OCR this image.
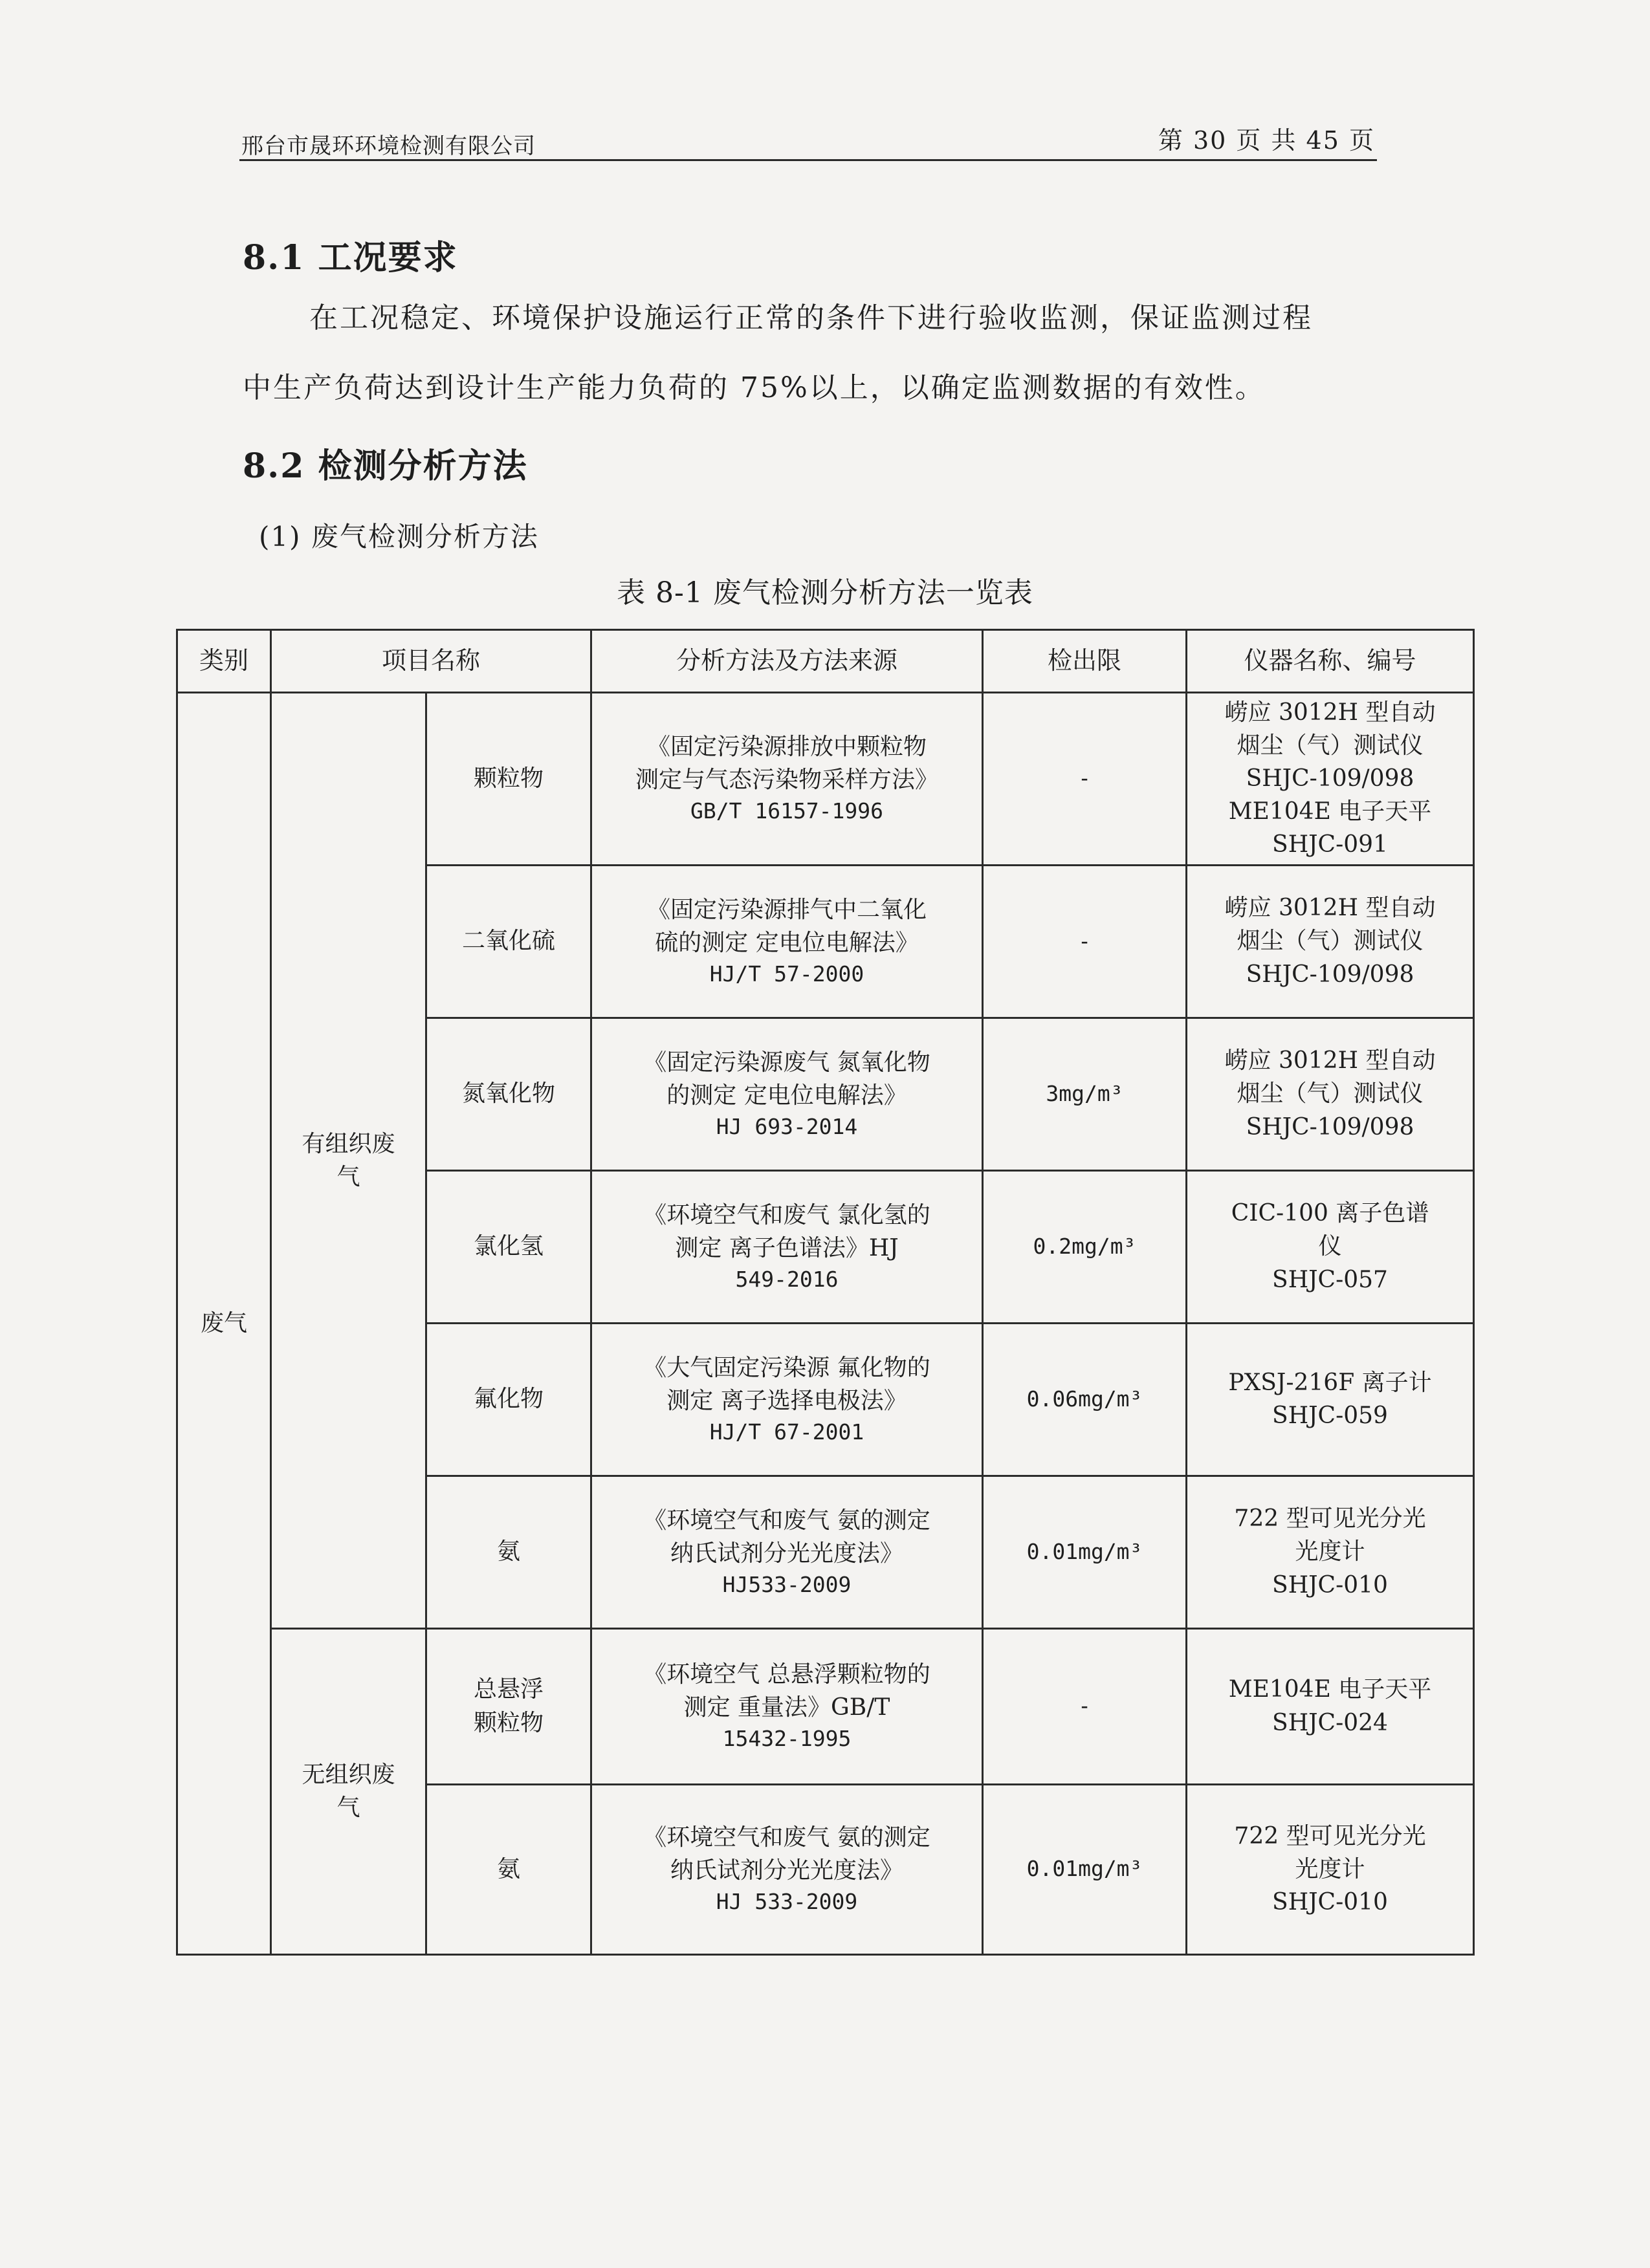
邢台市晟环环境检测有限公司	第 30 页 共 45 页
8.1 工况要求
在工况稳定、环境保护设施运行正常的条件下进行验收监测，保证监测过程
中生产负荷达到设计生产能力负荷的 75%以上，以确定监测数据的有效性。
8.2 检测分析方法
(1) 废气检测分析方法
表 8-1 废气检测分析方法一览表
类别	项目名称		分析方法及方法来源	检出限	仪器名称、编号
废气	有组织废气	颗粒物	《固定污染源排放中颗粒物
测定与气态污染物采样方法》
GB/T 16157-1996	-	崂应 3012H 型自动
烟尘（气）测试仪
SHJC-109/098
ME104E 电子天平
SHJC-091

		二氧化硫	《固定污染源排气中二氧化
硫的测定 定电位电解法》
HJ/T 57-2000	-	崂应 3012H 型自动
烟尘（气）测试仪
SHJC-109/098

		氮氧化物	《固定污染源废气 氮氧化物
的测定 定电位电解法》
HJ 693-2014	3mg/m³	崂应 3012H 型自动
烟尘（气）测试仪
SHJC-109/098

		氯化氢	《环境空气和废气 氯化氢的
测定 离子色谱法》HJ
549-2016	0.2mg/m³	CIC-100 离子色谱
仪
SHJC-057

		氟化物	《大气固定污染源 氟化物的
测定 离子选择电极法》
HJ/T 67-2001	0.06mg/m³	PXSJ-216F 离子计
SHJC-059

		氨	《环境空气和废气 氨的测定
纳氏试剂分光光度法》
HJ533-2009	0.01mg/m³	722 型可见光分光
光度计
SHJC-010

	无组织废气	总悬浮颗粒物	《环境空气 总悬浮颗粒物的
测定 重量法》GB/T
15432-1995	-	ME104E 电子天平
SHJC-024

		氨	《环境空气和废气 氨的测定
纳氏试剂分光光度法》
HJ 533-2009	0.01mg/m³	722 型可见光分光
光度计
SHJC-010
